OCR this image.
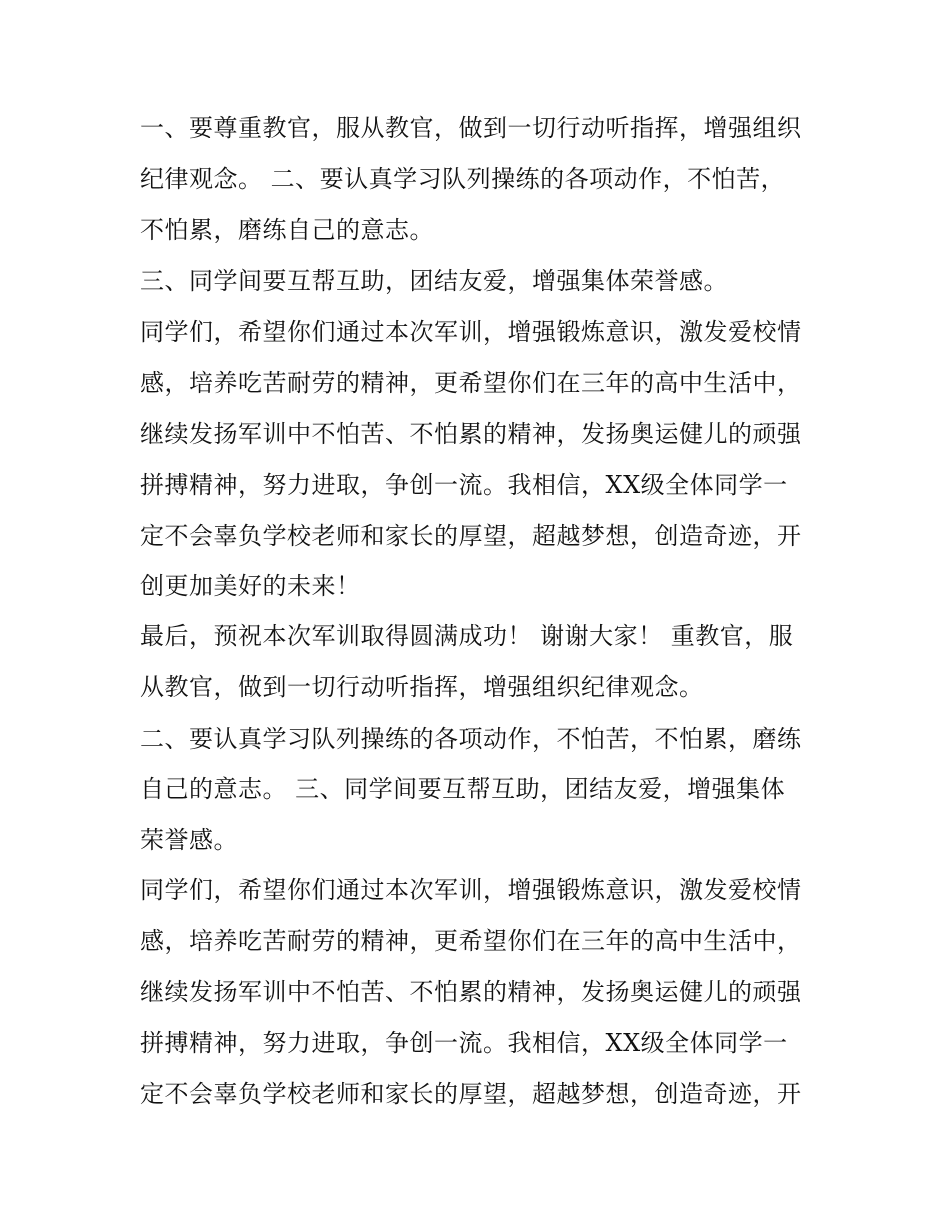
一、要尊重教官，服从教官，做到一切行动听指挥，增强组织
纪律观念。 二、要认真学习队列操练的各项动作，不怕苦，
不怕累，磨练自己的意志。
三、同学间要互帮互助，团结友爱，增强集体荣誉感。
同学们，希望你们通过本次军训，增强锻炼意识，激发爱校情
感，培养吃苦耐劳的精神，更希望你们在三年的高中生活中，
继续发扬军训中不怕苦、不怕累的精神，发扬奥运健儿的顽强
拼搏精神，努力进取，争创一流。我相信，XX级全体同学一
定不会辜负学校老师和家长的厚望，超越梦想，创造奇迹，开
创更加美好的未来！
最后，预祝本次军训取得圆满成功！ 谢谢大家！ 重教官，服
从教官，做到一切行动听指挥，增强组织纪律观念。
二、要认真学习队列操练的各项动作，不怕苦，不怕累，磨练
自己的意志。 三、同学间要互帮互助，团结友爱，增强集体
荣誉感。
同学们，希望你们通过本次军训，增强锻炼意识，激发爱校情
感，培养吃苦耐劳的精神，更希望你们在三年的高中生活中，
继续发扬军训中不怕苦、不怕累的精神，发扬奥运健儿的顽强
拼搏精神，努力进取，争创一流。我相信，XX级全体同学一
定不会辜负学校老师和家长的厚望，超越梦想，创造奇迹，开
